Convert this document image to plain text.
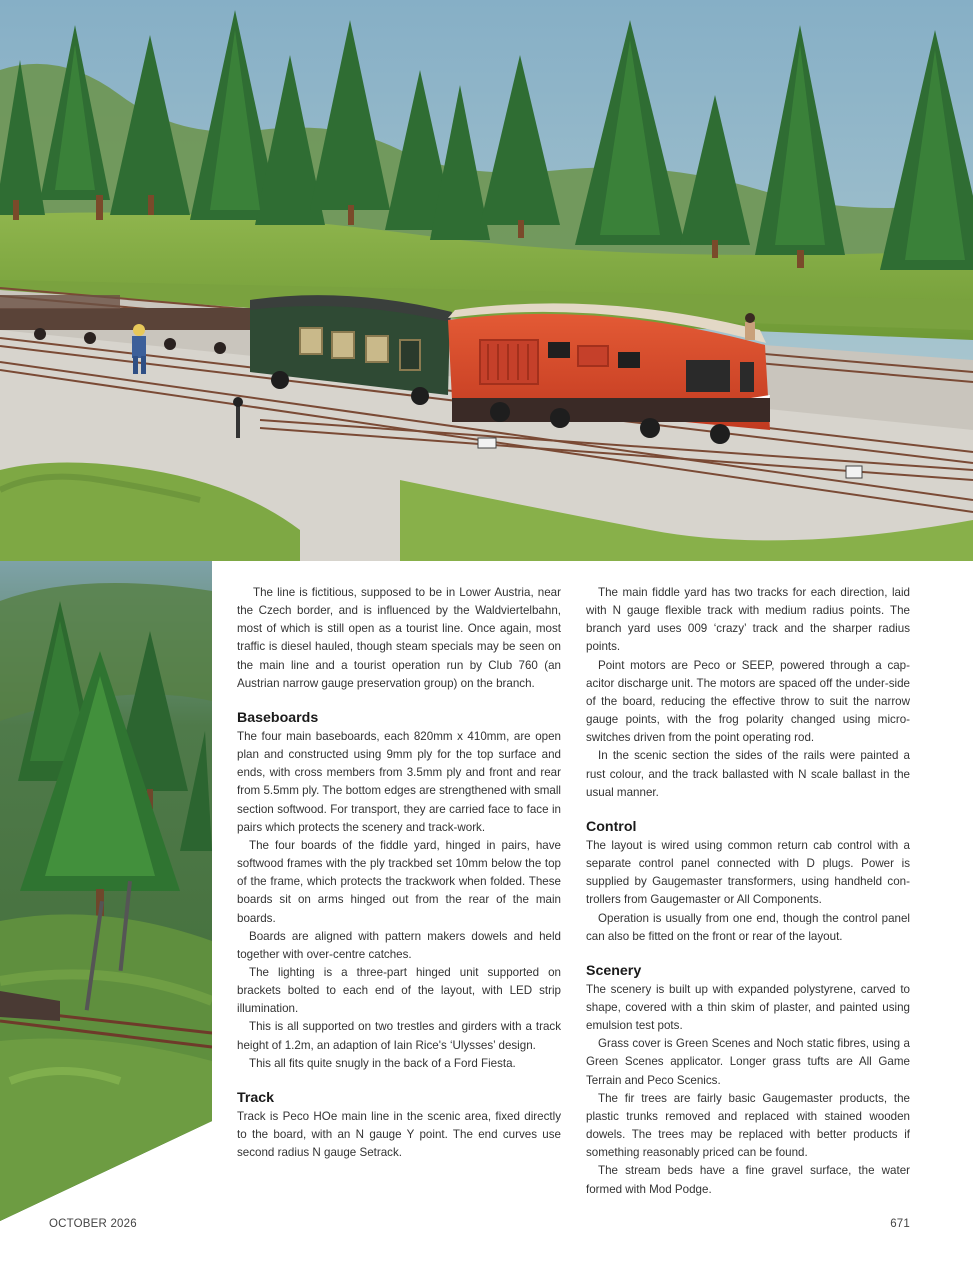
The line is fictitious, supposed to be in Lower Austria, near the Czech border, and is influenced by the Waldviertelbahn, most of which is still open as a tourist line. Once again, most traffic is diesel hauled, though steam specials may be seen on the main line and a tourist operation run by Club 760 (an Austrian narrow gauge preservation group) on the branch.

Baseboards

The four main baseboards, each 820mm x 410mm, are open plan and constructed using 9mm ply for the top surface and ends, with cross members from 3.5mm ply and front and rear from 5.5mm ply. The bottom edges are strengthened with small section softwood. For transport, they are carried face to face in pairs which protects the scenery and track-work.

The four boards of the fiddle yard, hinged in pairs, have softwood frames with the ply trackbed set 10mm below the top of the frame, which protects the trackwork when folded. These boards sit on arms hinged out from the rear of the main boards.

Boards are aligned with pattern makers dowels and held together with over-centre catches.

The lighting is a three-part hinged unit supported on brackets bolted to each end of the layout, with LED strip illumination.

This is all supported on two trestles and girders with a track height of 1.2m, an adaption of Iain Rice's ‘Ulysses’ design.

This all fits quite snugly in the back of a Ford Fiesta.

Track

Track is Peco HOe main line in the scenic area, fixed directly to the board, with an N gauge Y point. The end curves use second radius N gauge Setrack.

The main fiddle yard has two tracks for each direction, laid with N gauge flexible track with medium radius points. The branch yard uses 009 ‘crazy’ track and the sharper radius points.

Point motors are Peco or SEEP, powered through a cap-acitor discharge unit. The motors are spaced off the under-side of the board, reducing the effective throw to suit the narrow gauge points, with the frog polarity changed using micro-switches driven from the point operating rod.

In the scenic section the sides of the rails were painted a rust colour, and the track ballasted with N scale ballast in the usual manner.

Control

The layout is wired using common return cab control with a separate control panel connected with D plugs. Power is supplied by Gaugemaster transformers, using handheld con-trollers from Gaugemaster or All Components.

Operation is usually from one end, though the control panel can also be fitted on the front or rear of the layout.

Scenery

The scenery is built up with expanded polystyrene, carved to shape, covered with a thin skim of plaster, and painted using emulsion test pots.

Grass cover is Green Scenes and Noch static fibres, using a Green Scenes applicator. Longer grass tufts are All Game Terrain and Peco Scenics.

The fir trees are fairly basic Gaugemaster products, the plastic trunks removed and replaced with stained wooden dowels. The trees may be replaced with better products if something reasonably priced can be found.

The stream beds have a fine gravel surface, the water formed with Mod Podge.

OCTOBER 2026	671
